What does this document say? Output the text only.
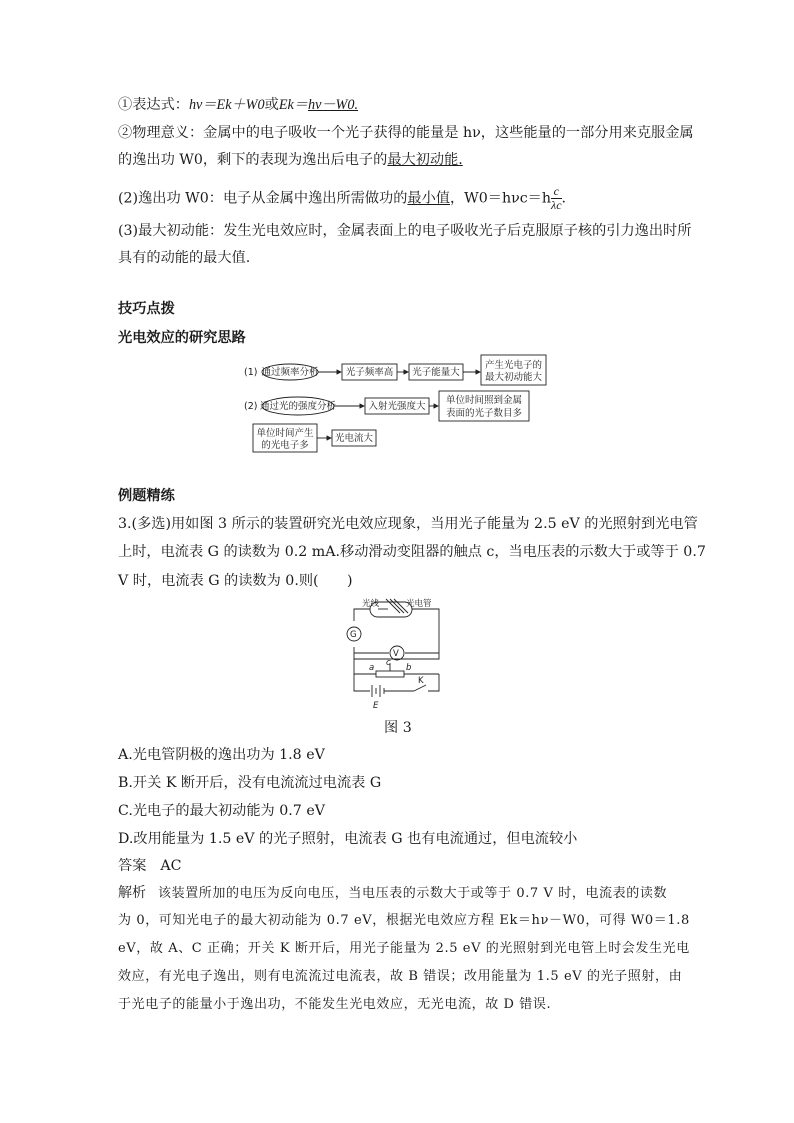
①表达式：hν＝Ek＋W0或Ek＝hν－W0.
②物理意义：金属中的电子吸收一个光子获得的能量是 hν，这些能量的一部分用来克服金属
的逸出功 W0，剩下的表现为逸出后电子的最大初动能.
(2)逸出功 W0：电子从金属中逸出所需做功的最小值，$W0=h\nu c=h \frac{c}{\lambda c}$ .
(3)最大初动能：发生光电效应时，金属表面上的电子吸收光子后克服原子核的引力逸出时所
具有的动能的最大值.
技巧点拨
光电效应的研究思路
(1) 通过频率分析	光子频率高 光子能量大
产生光电子的
最大初动能大
(2) 通过光的强度分析	入射光强度大
单位时间照到金属
表面的光子数目多
单位时间产生
的光电子多
光电流大
例题精练
3.(多选)用如图 3 所示的装置研究光电效应现象，当用光子能量为 2.5 eV 的光照射到光电管
上时，电流表 G 的读数为 0.2 mA.移动滑动变阻器的触点 c，当电压表的示数大于或等于 0.7
V 时，电流表 G 的读数为 0.则(　　)
光线	光电管
G
V
a c b
K
E
图 3
A.光电管阴极的逸出功为 1.8 eV
B.开关 K 断开后，没有电流流过电流表 G
C.光电子的最大初动能为 0.7 eV
D.改用能量为 1.5 eV 的光子照射，电流表 G 也有电流通过，但电流较小
答案 AC
解析 该装置所加的电压为反向电压，当电压表的示数大于或等于 0.7 V 时，电流表的读数
为 0，可知光电子的最大初动能为 0.7 eV，根据光电效应方程 Ek＝hν－W0，可得 W0＝1.8
eV，故 A、C 正确；开关 K 断开后，用光子能量为 2.5 eV 的光照射到光电管上时会发生光电
效应，有光电子逸出，则有电流流过电流表，故 B 错误；改用能量为 1.5 eV 的光子照射，由
于光电子的能量小于逸出功，不能发生光电效应，无光电流，故 D 错误.
